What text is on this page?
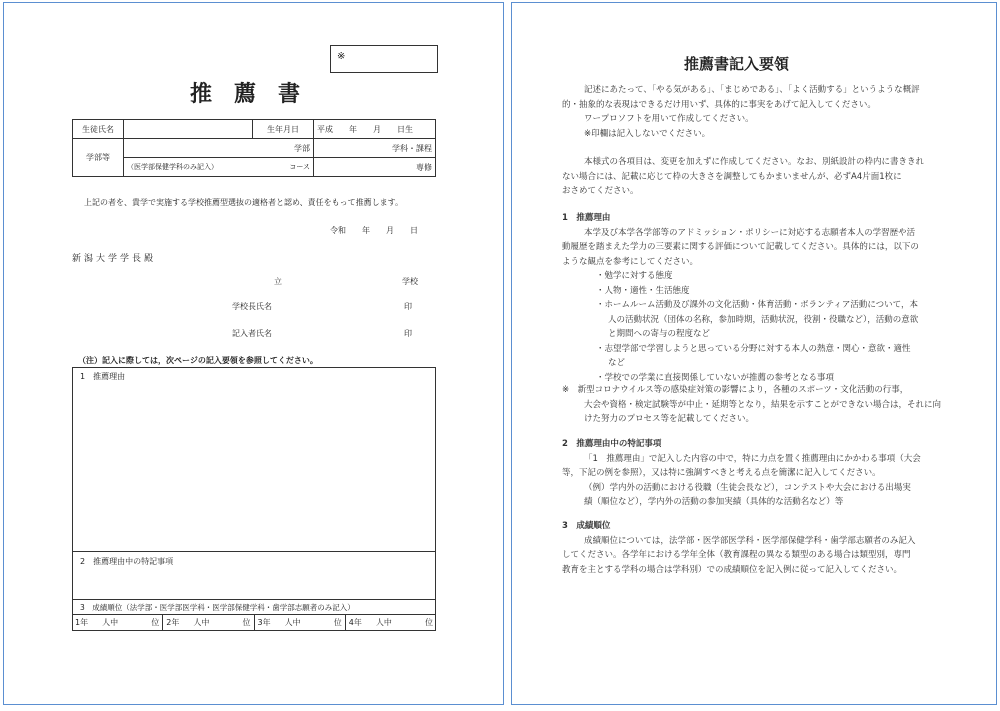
※
推薦書
生徒氏名		生年月日	平成　　年　　月　　日生
学部等	学部		学科・課程
	（医学部保健学科のみ記入） コース		専修
上記の者を、貴学で実施する学校推薦型選抜の適格者と認め、責任をもって推薦します。
令和　　年　　月　　日
新潟大学学長殿
立	学校
学校長氏名	印
記入者氏名	印
（注）記入に際しては，次ページの記入要領を参照してください。
1　推薦理由
2　推薦理由中の特記事項
3　成績順位（法学部・医学部医学科・医学部保健学科・歯学部志願者のみ記入）
1年 人中	位 2年 人中	位 3年 人中	位 4年 人中	位
推薦書記入要領
記述にあたって、「やる気がある」、「まじめである」、「よく活動する」というような概評
的・抽象的な表現はできるだけ用いず、具体的に事実をあげて記入してください。
ワープロソフトを用いて作成してください。
※印欄は記入しないでください。
本様式の各項目は、変更を加えずに作成してください。なお、別紙設計の枠内に書ききれ
ない場合には、記載に応じて枠の大きさを調整してもかまいませんが、必ずA4片面1枚に
おさめてください。
1　推薦理由
本学及び本学各学部等のアドミッション・ポリシーに対応する志願者本人の学習歴や活
動履歴を踏まえた学力の三要素に関する評価について記載してください。具体的には，以下の
ような観点を参考にしてください。
・ 勉学に対する態度
・ 人物・適性・生活態度
・ ホームルーム活動及び課外の文化活動・体育活動・ボランティア活動について，本
人の活動状況（団体の名称，参加時期，活動状況，役割・役職など），活動の意欲
と期間への寄与の程度など
・ 志望学部で学習しようと思っている分野に対する本人の熱意・関心・意欲・適性
など
・ 学校での学業に直接関係していないが推薦の参考となる事項
※　新型コロナウイルス等の感染症対策の影響により，各種のスポーツ・文化活動の行事，
大会や資格・検定試験等が中止・延期等となり，結果を示すことができない場合は，それに向
けた努力のプロセス等を記載してください。
2　推薦理由中の特記事項
「1　推薦理由」で記入した内容の中で，特に力点を置く推薦理由にかかわる事項（大会
等，下記の例を参照），又は特に強調すべきと考える点を簡潔に記入してください。
（例）学内外の活動における役職（生徒会長など），コンテストや大会における出場実
績（順位など），学内外の活動の参加実績（具体的な活動名など）等
3　成績順位
成績順位については，法学部・医学部医学科・医学部保健学科・歯学部志願者のみ記入
してください。各学年における学年全体（教育課程の異なる類型のある場合は類型別，専門
教育を主とする学科の場合は学科別）での成績順位を記入例に従って記入してください。
